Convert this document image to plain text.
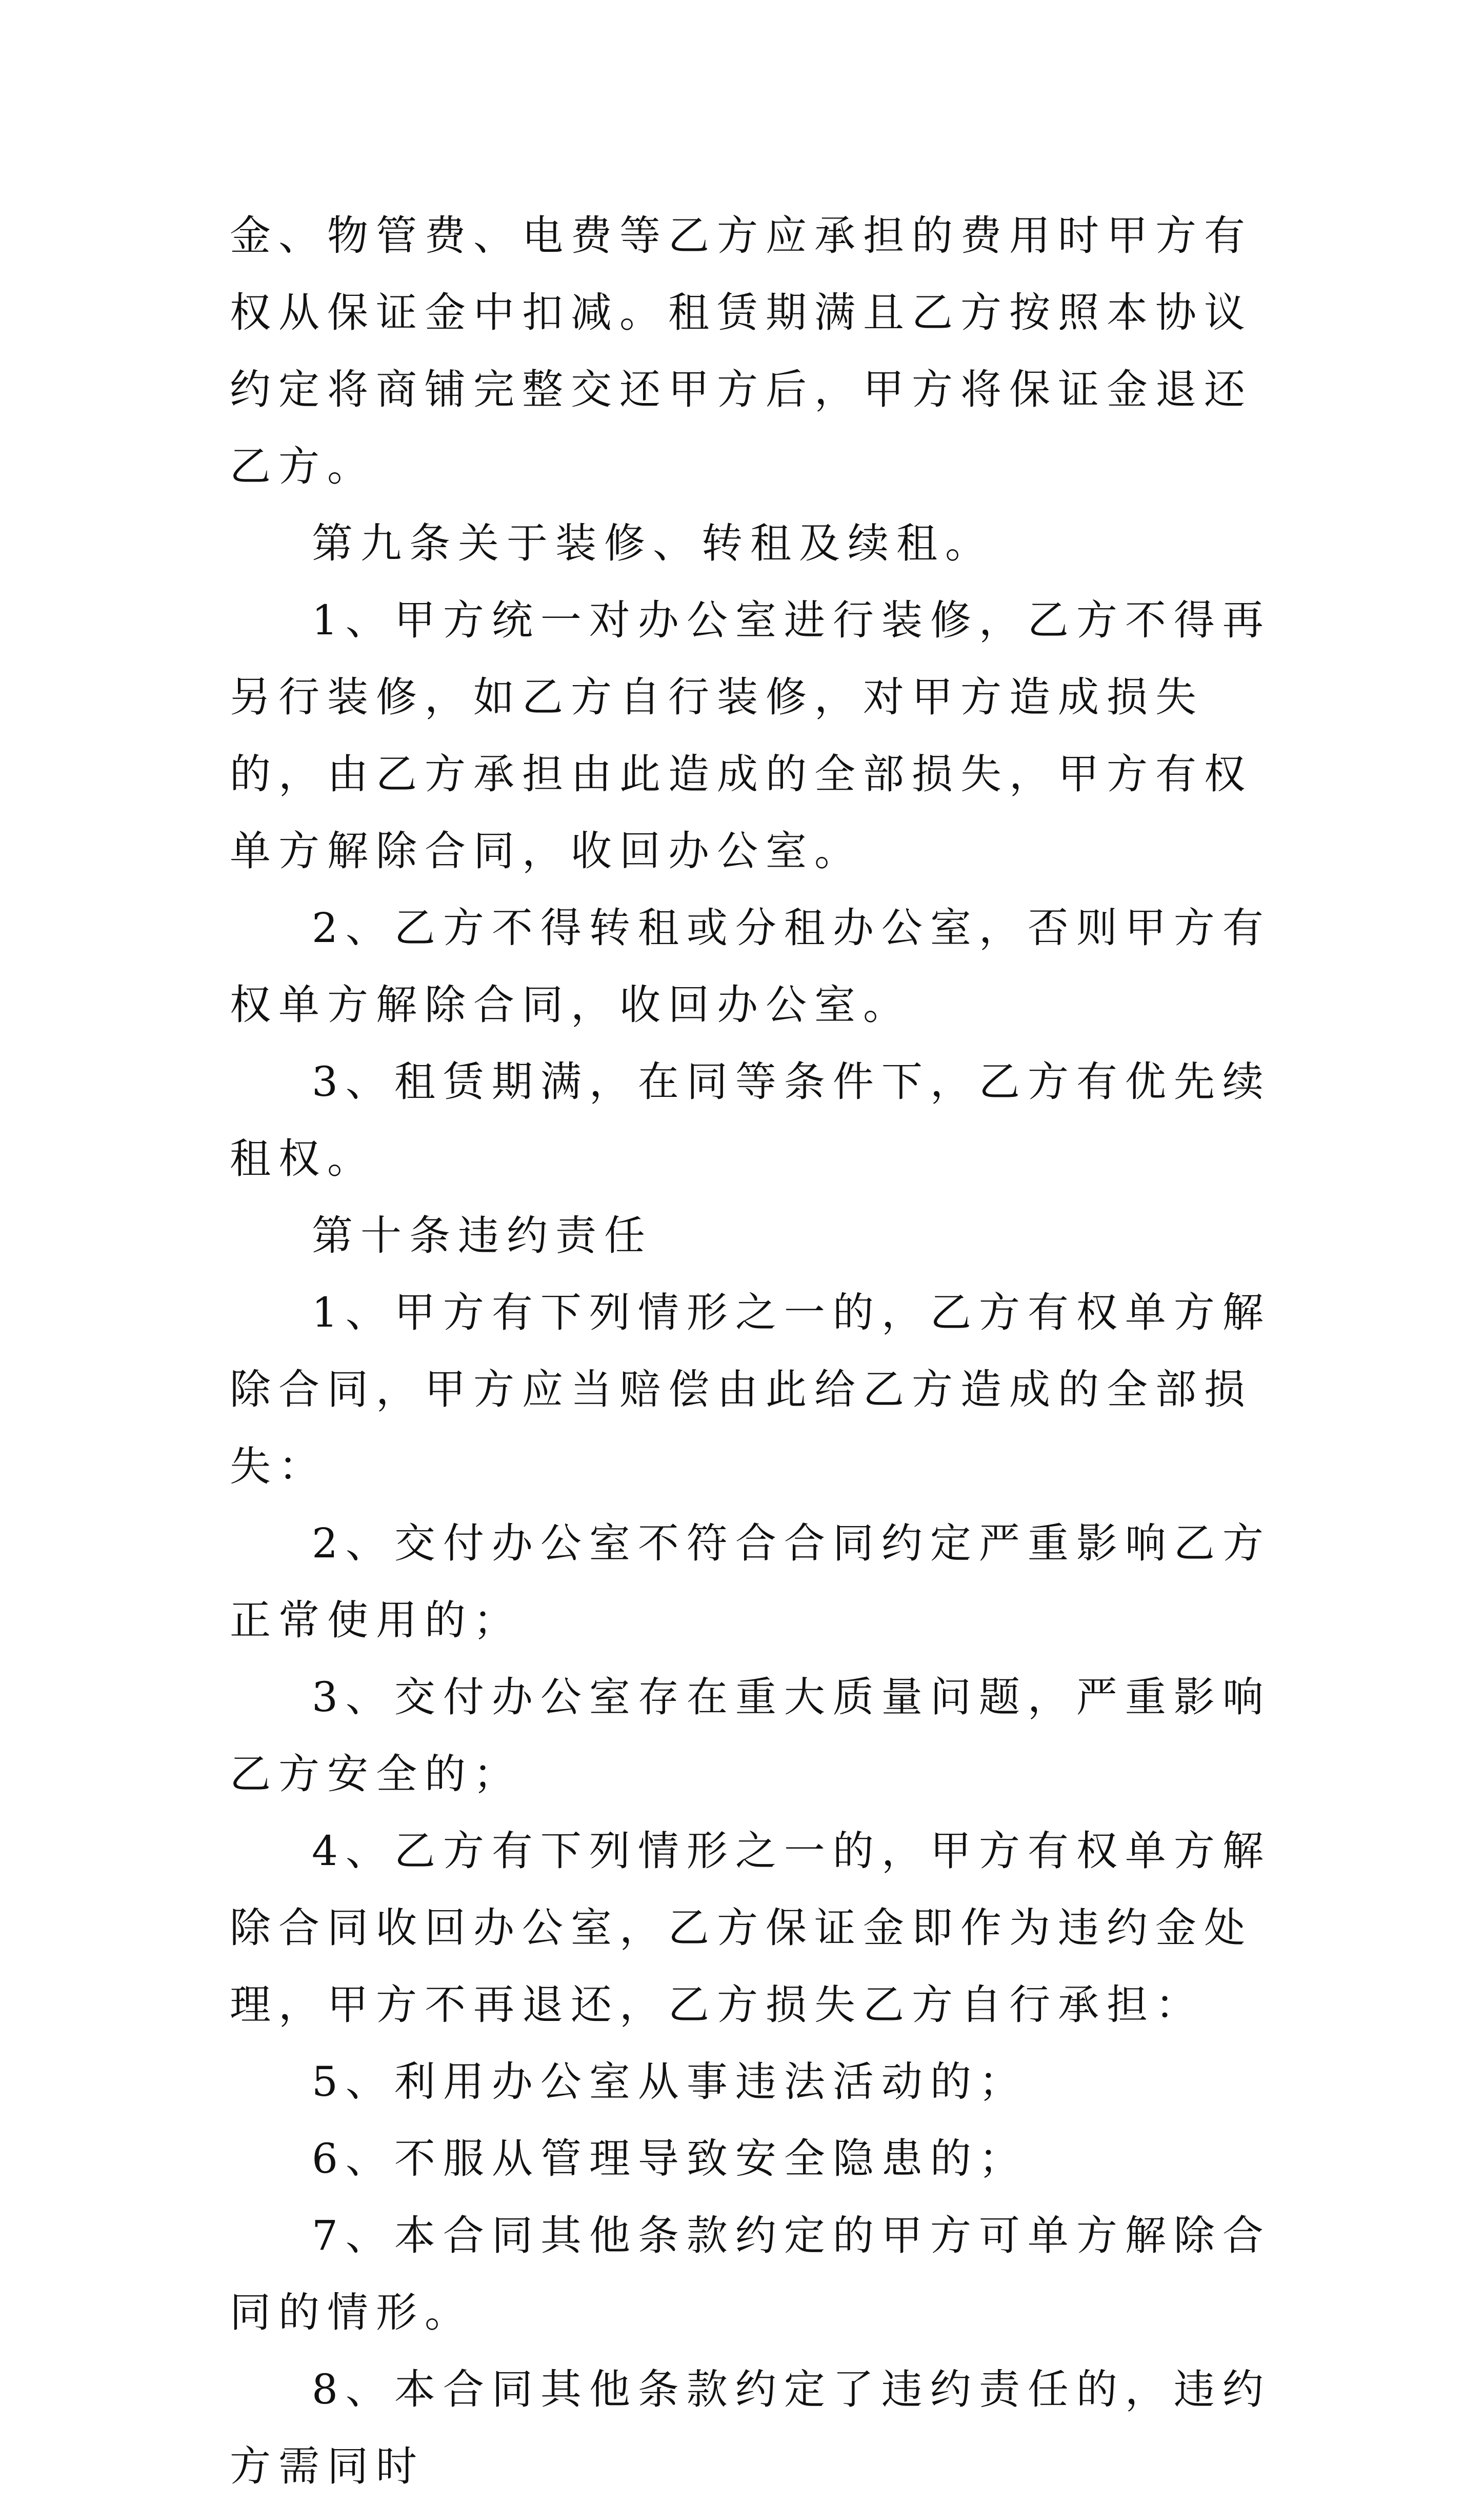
金、物管费、电费等乙方应承担的费用时甲方有权从保证金中扣减。租赁期满且乙方按照本协议约定将商铺完整交还甲方后，甲方将保证金退还乙方。

第九条关于装修、转租及续租。

1、甲方统一对办公室进行装修，乙方不得再另行装修，如乙方自行装修，对甲方造成损失的，由乙方承担由此造成的全部损失，甲方有权单方解除合同，收回办公室。

2、乙方不得转租或分租办公室，否则甲方有权单方解除合同，收回办公室。

3、租赁期满，在同等条件下，乙方有优先续租权。

第十条违约责任

1、甲方有下列情形之一的，乙方有权单方解除合同，甲方应当赔偿由此给乙方造成的全部损失：

2、交付办公室不符合合同约定严重影响乙方正常使用的；

3、交付办公室存在重大质量问题，严重影响乙方安全的；

4、乙方有下列情形之一的，甲方有权单方解除合同收回办公室，乙方保证金即作为违约金处理，甲方不再退还，乙方损失乙方自行承担：

5、利用办公室从事违法活动的；

6、不服从管理导致安全隐患的；

7、本合同其他条款约定的甲方可单方解除合同的情形。

8、本合同其他条款约定了违约责任的，违约方需同时
